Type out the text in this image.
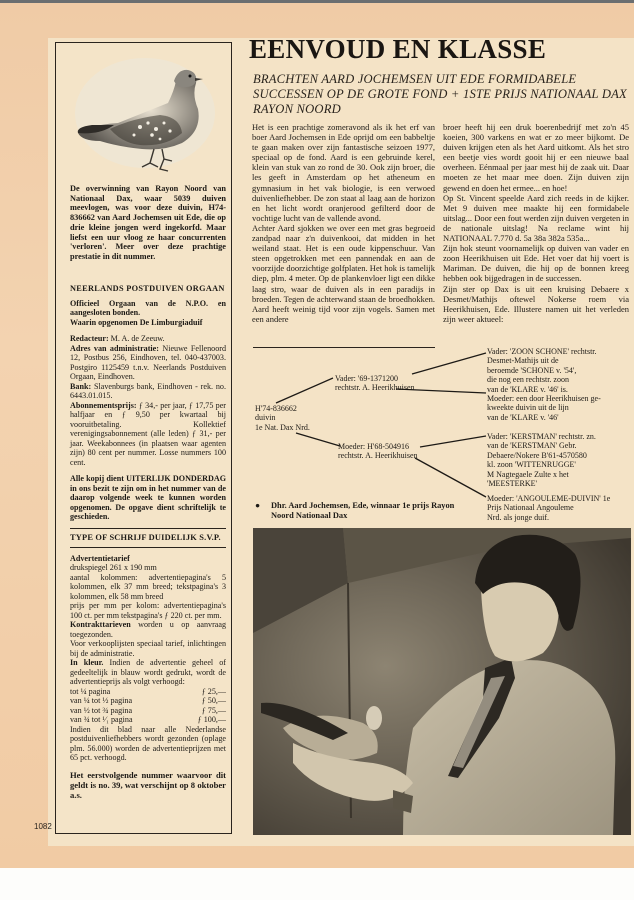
De overwinning van Rayon Noord van Nationaal Dax, waar 5039 duiven meevlogen, was voor deze duivin, H74-836662 van Aard Jochemsen uit Ede, die op drie kleine jongen werd ingekorfd. Maar liefst een uur vloog ze haar concurrenten 'verloren'. Meer over deze prachtige prestatie in dit nummer.
NEERLANDS POSTDUIVEN ORGAAN

Officieel Orgaan van de N.P.O. en aangesloten bonden.

Waarin opgenomen De Limburgiaduif

Redacteur: M. A. de Zeeuw.

Adres van administratie: Nieuwe Fellenoord 12, Postbus 256, Eindhoven, tel. 040-437003. Postgiro 1125459 t.n.v. Neerlands Postduiven Orgaan, Eindhoven.

Bank: Slavenburgs bank, Eindhoven - rek. no. 6443.01.015.

Abonnementsprijs: ƒ 34,- per jaar, ƒ 17,75 per halfjaar en ƒ 9,50 per kwartaal bij vooruitbetaling. Kollektief verenigingsabonnement (alle leden) ƒ 31,- per jaar. Weekabonnees (in plaatsen waar agenten zijn) 80 cent per nummer. Losse nummers 100 cent.

Alle kopij dient UITERLIJK DONDERDAG in ons bezit te zijn om in het nummer van de daarop volgende week te kunnen worden opgenomen. De opgave dient schriftelijk te geschieden.
TYPE OF SCHRIJF DUIDELIJK S.V.P.

Advertentietarief

drukspiegel 261 x 190 mm

aantal kolommen: advertentiepagina's 5 kolommen, elk 37 mm breed; tekstpagina's 3 kolommen, elk 58 mm breed

prijs per mm per kolom: advertentiepagina's 100 ct. per mm tekstpagina's ƒ 220 ct. per mm.

Kontrakttarieven worden u op aanvraag toegezonden.

Voor verkooplijsten speciaal tarief, inlichtingen bij de administratie.

In kleur. Indien de advertentie geheel of gedeeltelijk in blauw wordt gedrukt, wordt de advertentieprijs als volgt verhoogd:

tot ¼ pagina	ƒ 25,—
van ¼ tot ½ pagina	ƒ 50,—
van ½ tot ¾ pagina	ƒ 75,—
van ¾ tot ¹⁄₁ pagina	ƒ 100,—

Indien dit blad naar alle Nederlandse postduivenliefhebbers wordt gezonden (oplage plm. 56.000) worden de advertentieprijzen met 65 pct. verhoogd.

Het eerstvolgende nummer waarvoor dit geldt is no. 39, wat verschijnt op 8 oktober a.s.
1082
EENVOUD EN KLASSE
BRACHTEN AARD JOCHEMSEN UIT EDE FORMIDABELE SUCCESSEN OP DE GROTE FOND + 1STE PRIJS NATIONAAL DAX RAYON NOORD

Het is een prachtige zomeravond als ik het erf van boer Aard Jochemsen in Ede oprijd om een babbeltje te gaan maken over zijn fantastische seizoen 1977, speciaal op de fond. Aard is een gebruinde kerel, klein van stuk van zo rond de 30. Ook zijn broer, die les geeft in Amsterdam op het atheneum en gymnasium in het vak biologie, is een verwoed duivenliefhebber. De zon staat al laag aan de horizon en het licht wordt oranjerood gefilterd door de vochtige lucht van de vallende avond.

Achter Aard sjokken we over een met gras begroeid zandpad naar z'n duivenkooi, dat midden in het weiland staat. Het is een oude kippenschuur. Van steen opgetrokken met een pannendak en aan de voorzijde doorzichtige golfplaten. Het hok is tamelijk diep, plm. 4 meter. Op de plankenvloer ligt een dikke laag stro, waar de duiven als in een paradijs in broeden. Tegen de achterwand staan de broedhokken. Aard heeft weinig tijd voor zijn vogels. Samen met een andere

broer heeft hij een druk boerenbedrijf met zo'n 45 koeien, 300 varkens en wat er zo meer bijkomt. De duiven krijgen eten als het Aard uitkomt. Als het stro een beetje vies wordt gooit hij er een nieuwe baal overheen. Eénmaal per jaar mest hij de zaak uit. Daar moeten ze het maar mee doen. Zijn duiven zijn gewend en doen het ermee... en hoe!

Op St. Vincent speelde Aard zich reeds in de kijker. Met 9 duiven mee maakte hij een formidabele uitslag... Door een fout werden zijn duiven vergeten in de nationale uitslag! Na reclame wint hij NATIONAAL 7.770 d. 5a 38a 382a 535a...

Zijn hok steunt voornamelijk op duiven van vader en zoon Heerikhuisen uit Ede. Het voer dat hij voert is Mariman. De duiven, die hij op de bonnen kreeg hebben ook bijgedragen in de successen.

Zijn ster op Dax is uit een kruising Debaere x Desmet/Mathijs oftewel Nokerse roem via Heerikhuisen, Ede. Illustere namen uit het verleden zijn weer aktueel:

H'74-836662
duivin
1e Nat. Dax Nrd.
Vader: '69-1371200
rechtstr. A. Heerikhuisen
Moeder: H'68-504916
rechtstr. A. Heerikhuisen
Vader: 'ZOON SCHONE' rechtstr.
Desmet-Mathijs uit de
beroemde 'SCHONE v. '54',
die nog een rechtstr. zoon
van de 'KLARE v. '46' is.
Moeder: een door Heerikhuisen ge-
kweekte duivin uit de lijn
van de 'KLARE v. '46'
Vader: 'KERSTMAN' rechtstr. zn.
van de 'KERSTMAN' Gebr.
Debaere/Nokere B'61-4570580
kl. zoon 'WITTENRUGGE'
M Nagtegaele Zulte x het
'MEESTERKE'
Moeder: 'ANGOULEME-DUIVIN' 1e
Prijs Nationaal Angouleme
Nrd. als jonge duif.
● Dhr. Aard Jochemsen, Ede, winnaar 1e prijs Rayon Noord Nationaal Dax
